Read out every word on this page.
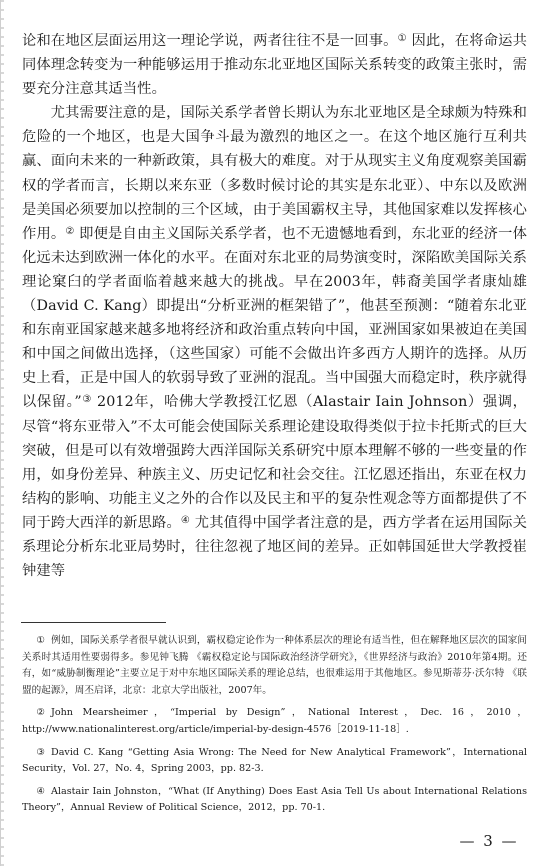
论和在地区层面运用这一理论学说，两者往往不是一回事。① 因此，在将命运共同体理念转变为一种能够运用于推动东北亚地区国际关系转变的政策主张时，需要充分注意其适当性。

尤其需要注意的是，国际关系学者曾长期认为东北亚地区是全球颇为特殊和危险的一个地区，也是大国争斗最为激烈的地区之一。在这个地区施行互利共赢、面向未来的一种新政策，具有极大的难度。对于从现实主义角度观察美国霸权的学者而言，长期以来东亚（多数时候讨论的其实是东北亚）、中东以及欧洲是美国必须要加以控制的三个区域，由于美国霸权主导，其他国家难以发挥核心作用。② 即便是自由主义国际关系学者，也不无遗憾地看到，东北亚的经济一体化远未达到欧洲一体化的水平。在面对东北亚的局势演变时，深陷欧美国际关系理论窠臼的学者面临着越来越大的挑战。早在2003年，韩裔美国学者康灿雄（David C. Kang）即提出“分析亚洲的框架错了”，他甚至预测：“随着东北亚和东南亚国家越来越多地将经济和政治重点转向中国，亚洲国家如果被迫在美国和中国之间做出选择，（这些国家）可能不会做出许多西方人期许的选择。从历史上看，正是中国人的软弱导致了亚洲的混乱。当中国强大而稳定时，秩序就得以保留。”③ 2012年，哈佛大学教授江忆恩（Alastair Iain Johnson）强调，尽管“将东亚带入”不太可能会使国际关系理论建设取得类似于拉卡托斯式的巨大突破，但是可以有效增强跨大西洋国际关系研究中原本理解不够的一些变量的作用，如身份差异、种族主义、历史记忆和社会交往。江忆恩还指出，东亚在权力结构的影响、功能主义之外的合作以及民主和平的复杂性观念等方面都提供了不同于跨大西洋的新思路。④ 尤其值得中国学者注意的是，西方学者在运用国际关系理论分析东北亚局势时，往往忽视了地区间的差异。正如韩国延世大学教授崔钟建等

① 例如，国际关系学者很早就认识到，霸权稳定论作为一种体系层次的理论有适当性，但在解释地区层次的国家间关系时其适用性要弱得多。参见钟飞腾 《霸权稳定论与国际政治经济学研究》，《世界经济与政治》2010年第4期。还有，如“威胁制衡理论”主要立足于对中东地区国际关系的理论总结，也很难运用于其他地区。参见斯蒂芬·沃尔特 《联盟的起源》，周丕启译，北京：北京大学出版社，2007年。

② John Mearsheimer，“Imperial by Design”，National Interest，Dec. 16，2010，http://www.nationalinterest.org/article/imperial-by-design-4576［2019-11-18］.

③ David C. Kang “Getting Asia Wrong: The Need for New Analytical Framework”，International Security，Vol. 27，No. 4，Spring 2003，pp. 82-3.

④ Alastair Iain Johnston，“What (If Anything) Does East Asia Tell Us about International Relations Theory”，Annual Review of Political Science，2012，pp. 70-1.

— 3 —
